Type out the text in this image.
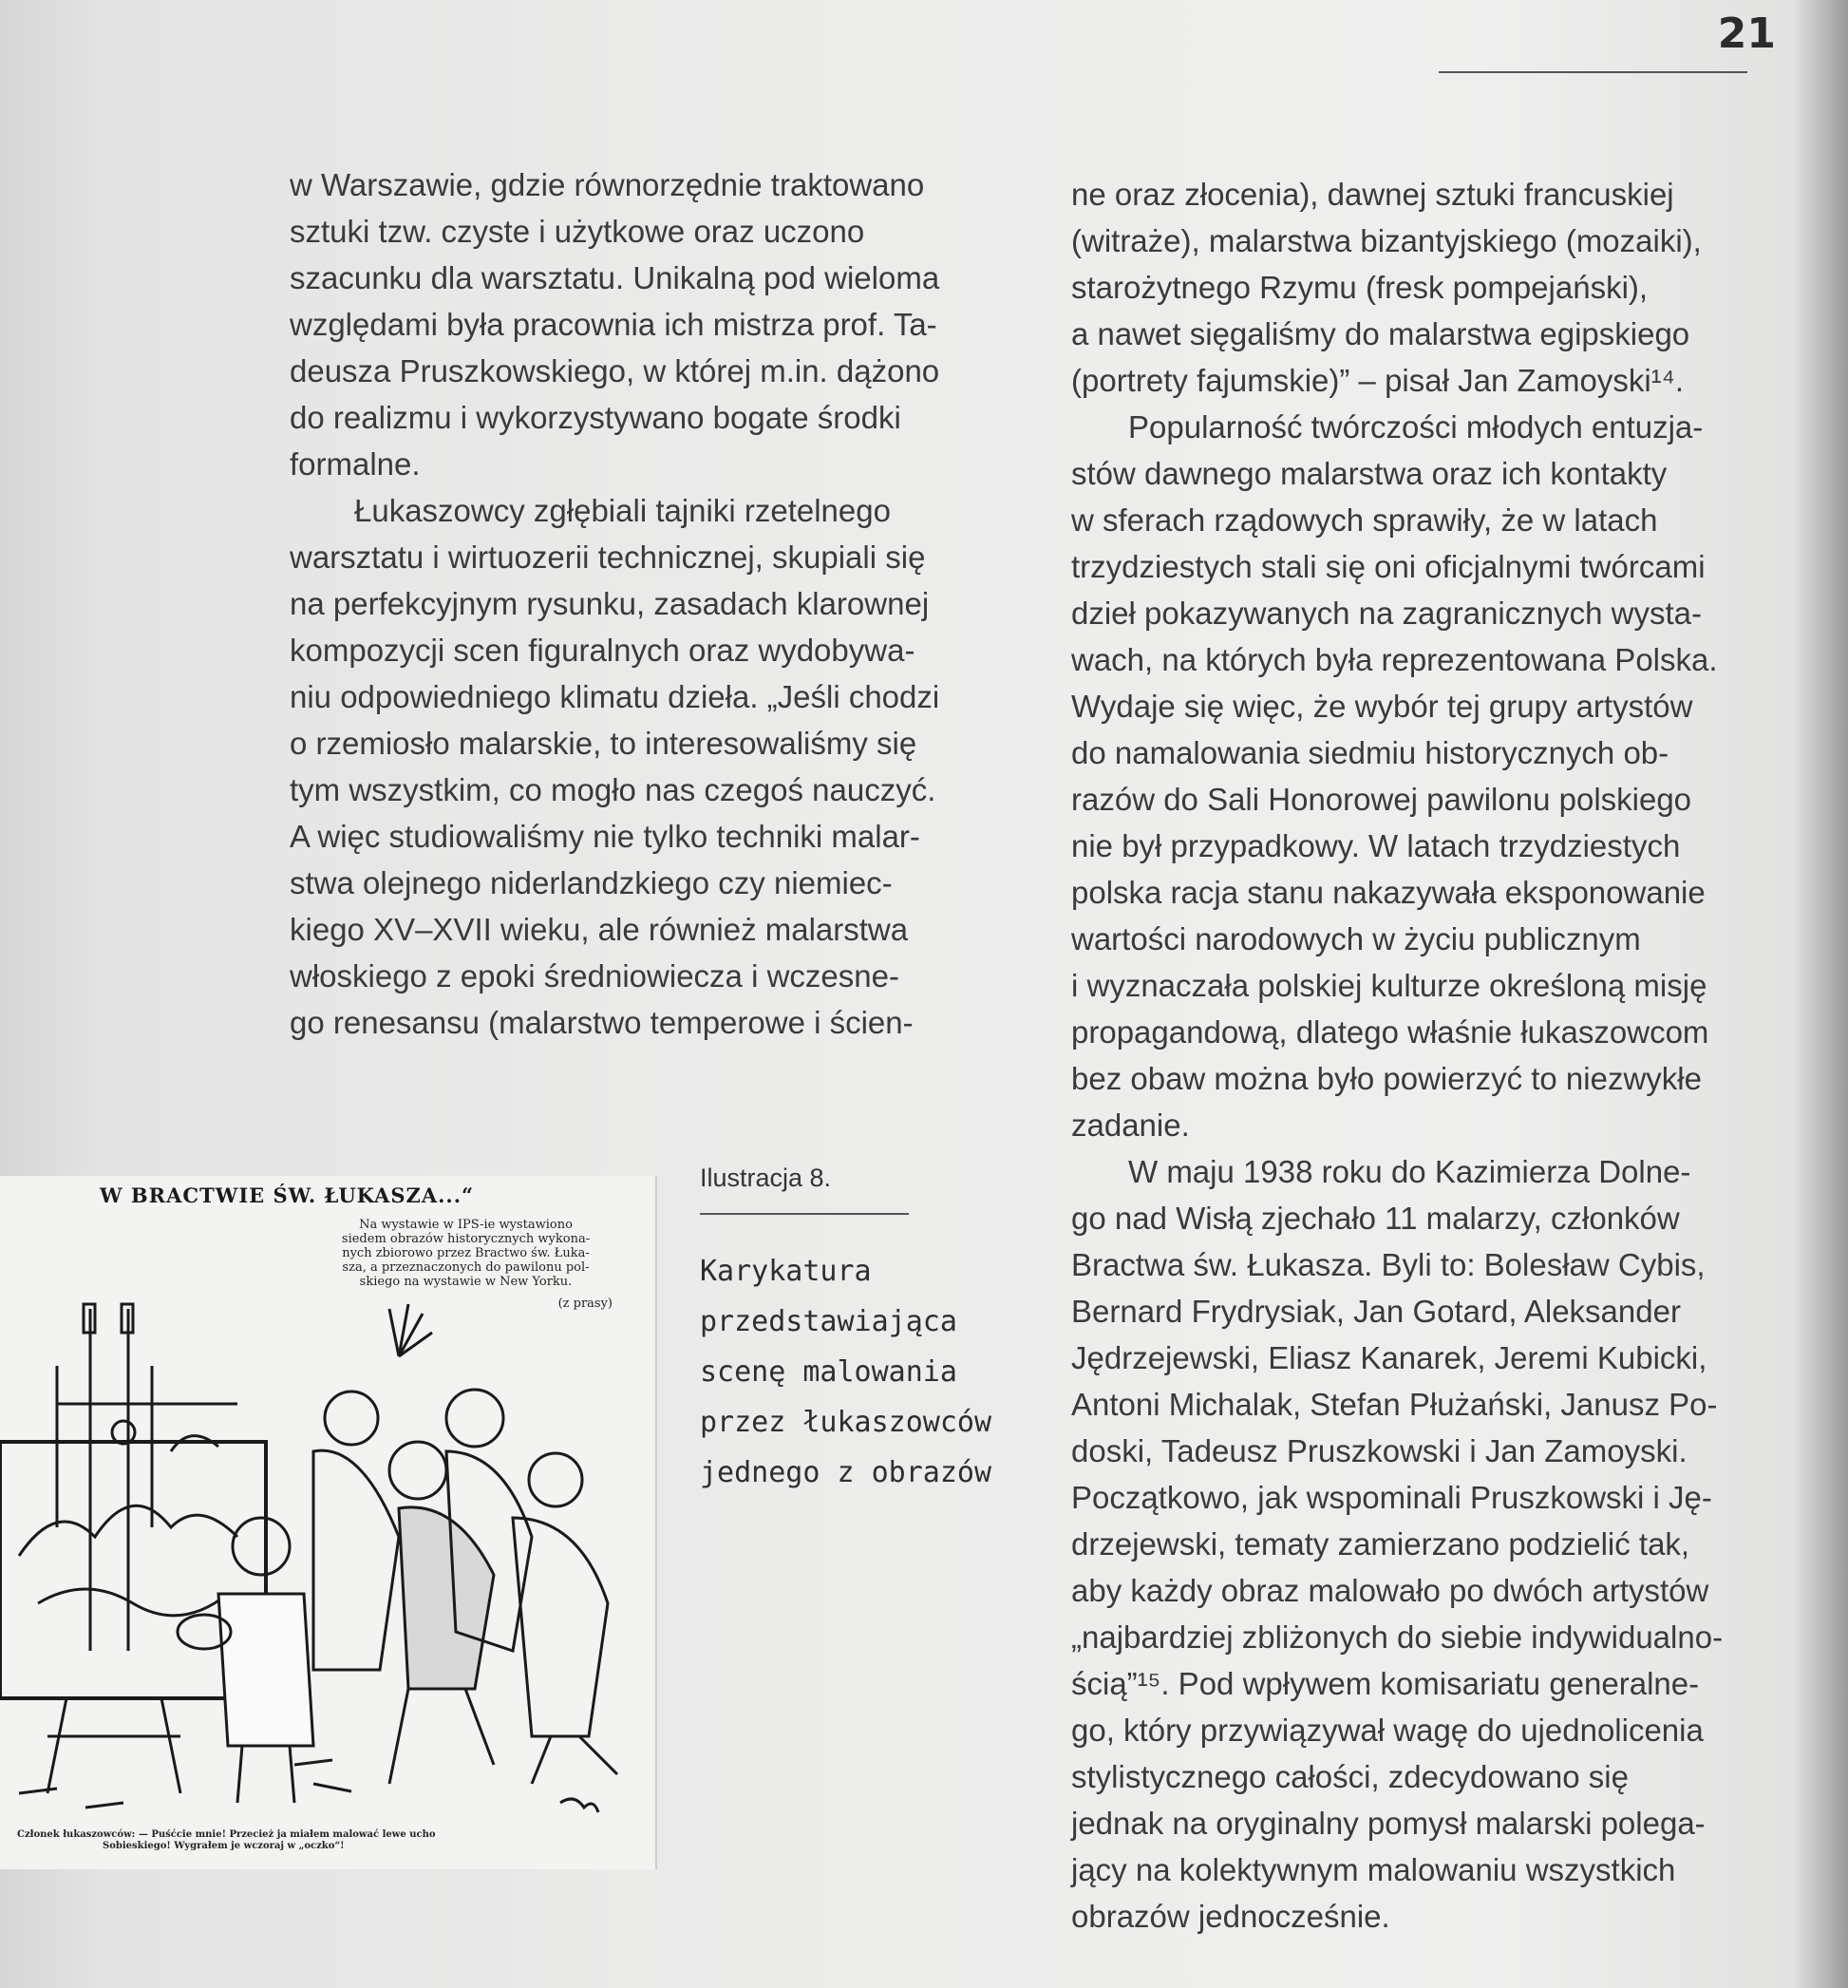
21

w Warszawie, gdzie równorzędnie traktowano

sztuki tzw. czyste i użytkowe oraz uczono

szacunku dla warsztatu. Unikalną pod wieloma

względami była pracownia ich mistrza prof. Ta-

deusza Pruszkowskiego, w której m.in. dążono

do realizmu i wykorzystywano bogate środki

formalne.

Łukaszowcy zgłębiali tajniki rzetelnego

warsztatu i wirtuozerii technicznej, skupiali się

na perfekcyjnym rysunku, zasadach klarownej

kompozycji scen figuralnych oraz wydobywa-

niu odpowiedniego klimatu dzieła. „Jeśli chodzi

o rzemiosło malarskie, to interesowaliśmy się

tym wszystkim, co mogło nas czegoś nauczyć.

A więc studiowaliśmy nie tylko techniki malar-

stwa olejnego niderlandzkiego czy niemiec-

kiego XV–XVII wieku, ale również malarstwa

włoskiego z epoki średniowiecza i wczesne-

go renesansu (malarstwo temperowe i ścien-

ne oraz złocenia), dawnej sztuki francuskiej

(witraże), malarstwa bizantyjskiego (mozaiki),

starożytnego Rzymu (fresk pompejański),

a nawet sięgaliśmy do malarstwa egipskiego

(portrety fajumskie)” – pisał Jan Zamoyski¹⁴.

Popularność twórczości młodych entuzja-

stów dawnego malarstwa oraz ich kontakty

w sferach rządowych sprawiły, że w latach

trzydziestych stali się oni oficjalnymi twórcami

dzieł pokazywanych na zagranicznych wysta-

wach, na których była reprezentowana Polska.

Wydaje się więc, że wybór tej grupy artystów

do namalowania siedmiu historycznych ob-

razów do Sali Honorowej pawilonu polskiego

nie był przypadkowy. W latach trzydziestych

polska racja stanu nakazywała eksponowanie

wartości narodowych w życiu publicznym

i wyznaczała polskiej kulturze określoną misję

propagandową, dlatego właśnie łukaszowcom

bez obaw można było powierzyć to niezwykłe

zadanie.

W maju 1938 roku do Kazimierza Dolne-

go nad Wisłą zjechało 11 malarzy, członków

Bractwa św. Łukasza. Byli to: Bolesław Cybis,

Bernard Frydrysiak, Jan Gotard, Aleksander

Jędrzejewski, Eliasz Kanarek, Jeremi Kubicki,

Antoni Michalak, Stefan Płużański, Janusz Po-

doski, Tadeusz Pruszkowski i Jan Zamoyski.

Początkowo, jak wspominali Pruszkowski i Ję-

drzejewski, tematy zamierzano podzielić tak,

aby każdy obraz malowało po dwóch artystów

„najbardziej zbliżonych do siebie indywidualno-

ścią”¹⁵. Pod wpływem komisariatu generalne-

go, który przywiązywał wagę do ujednolicenia

stylistycznego całości, zdecydowano się

jednak na oryginalny pomysł malarski polega-

jący na kolektywnym malowaniu wszystkich

obrazów jednocześnie.

W BRACTWIE ŚW. ŁUKASZA...“

Na wystawie w IPS-ie wystawiono

siedem obrazów historycznych wykona-

nych zbiorowo przez Bractwo św. Łuka-

sza, a przeznaczonych do pawilonu pol-

skiego na wystawie w New Yorku.

(z prasy)

Członek łukaszowców: — Puśćcie mnie! Przecież ja miałem malować lewe ucho

Sobieskiego! Wygrałem je wczoraj w „oczko“!

Ilustracja 8.

Karykatura

przedstawiająca

scenę malowania

przez łukaszowców

jednego z obrazów
